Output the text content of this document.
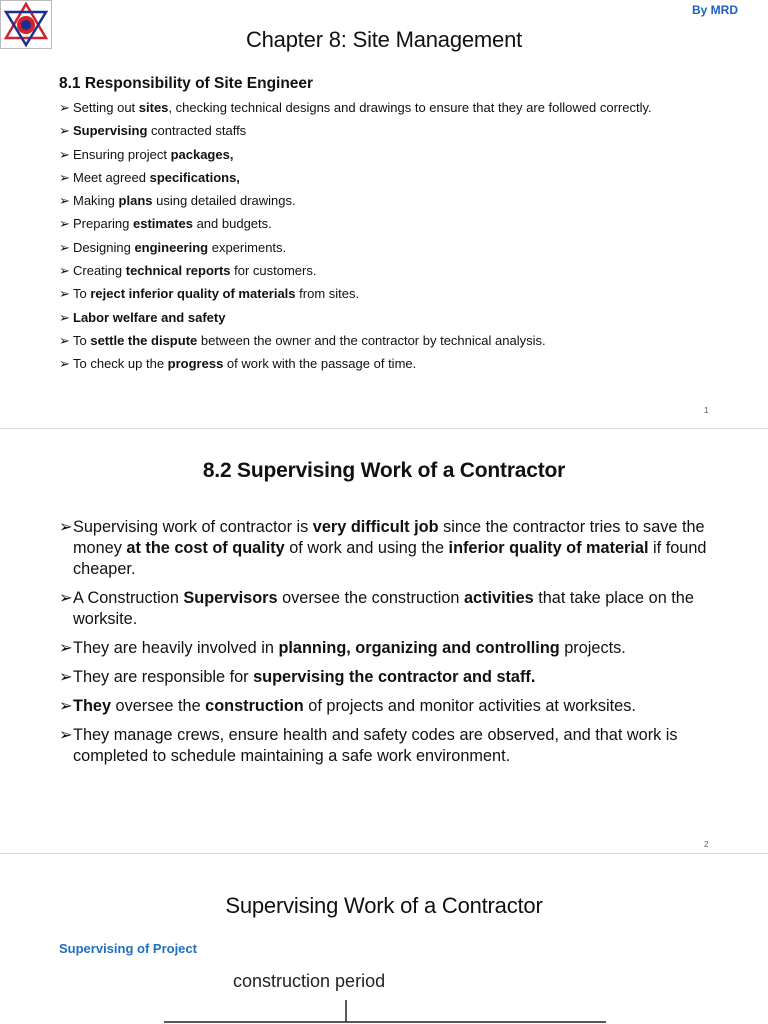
By MRD
Chapter 8: Site Management
8.1 Responsibility of Site Engineer
➢ Setting out sites, checking technical designs and drawings to ensure that they are followed correctly.
➢ Supervising contracted staffs
➢ Ensuring project packages,
➢ Meet agreed specifications,
➢ Making plans using detailed drawings.
➢ Preparing estimates and budgets.
➢ Designing engineering experiments.
➢ Creating technical reports for customers.
➢ To reject inferior quality of materials from sites.
➢ Labor welfare and safety
➢ To settle the dispute between the owner and the contractor by technical analysis.
➢ To check up the progress of work with the passage of time.
1
2
8.2 Supervising Work of a Contractor
➢ Supervising work of contractor is very difficult job since the contractor tries to save the money at the cost of quality of work and using the inferior quality of material if found cheaper.
➢ A Construction Supervisors oversee the construction activities that take place on the worksite.
➢ They are heavily involved in planning, organizing and controlling projects.
➢ They are responsible for supervising the contractor and staff.
➢ They oversee the construction of projects and monitor activities at worksites.
➢ They manage crews, ensure health and safety codes are observed, and that work is completed to schedule maintaining a safe work environment.
Supervising Work of a Contractor
Supervising of Project
construction period
